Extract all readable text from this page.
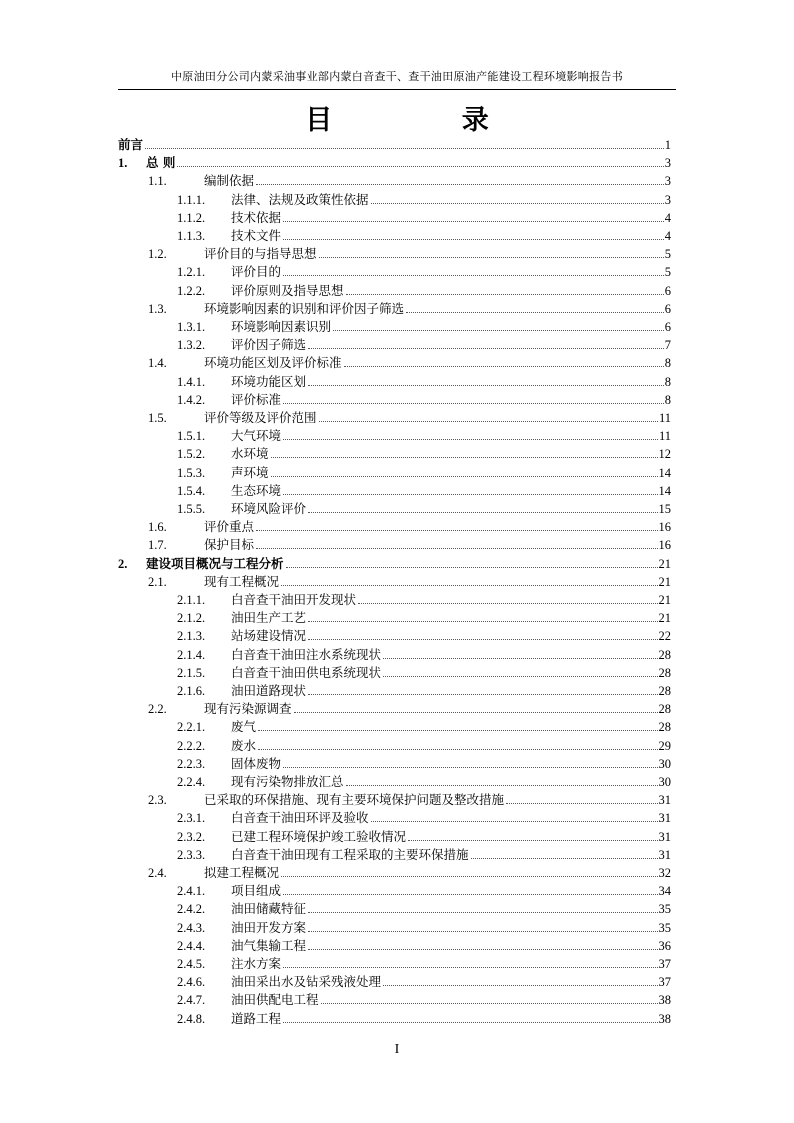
中原油田分公司内蒙采油事业部内蒙白音查干、查干油田原油产能建设工程环境影响报告书
目 录
前言	1
1.	总 则	3
1.1.	编制依据	3
1.1.1.	法律、法规及政策性依据	3
1.1.2.	技术依据	4
1.1.3.	技术文件	4
1.2.	评价目的与指导思想	5
1.2.1.	评价目的	5
1.2.2.	评价原则及指导思想	6
1.3.	环境影响因素的识别和评价因子筛选	6
1.3.1.	环境影响因素识别	6
1.3.2.	评价因子筛选	7
1.4.	环境功能区划及评价标准	8
1.4.1.	环境功能区划	8
1.4.2.	评价标准	8
1.5.	评价等级及评价范围	11
1.5.1.	大气环境	11
1.5.2.	水环境	12
1.5.3.	声环境	14
1.5.4.	生态环境	14
1.5.5.	环境风险评价	15
1.6.	评价重点	16
1.7.	保护目标	16
2.	建设项目概况与工程分析	21
2.1.	现有工程概况	21
2.1.1.	白音查干油田开发现状	21
2.1.2.	油田生产工艺	21
2.1.3.	站场建设情况	22
2.1.4.	白音查干油田注水系统现状	28
2.1.5.	白音查干油田供电系统现状	28
2.1.6.	油田道路现状	28
2.2.	现有污染源调查	28
2.2.1.	废气	28
2.2.2.	废水	29
2.2.3.	固体废物	30
2.2.4.	现有污染物排放汇总	30
2.3.	已采取的环保措施、现有主要环境保护问题及整改措施	31
2.3.1.	白音查干油田环评及验收	31
2.3.2.	已建工程环境保护竣工验收情况	31
2.3.3.	白音查干油田现有工程采取的主要环保措施	31
2.4.	拟建工程概况	32
2.4.1.	项目组成	34
2.4.2.	油田储藏特征	35
2.4.3.	油田开发方案	35
2.4.4.	油气集输工程	36
2.4.5.	注水方案	37
2.4.6.	油田采出水及钻采残液处理	37
2.4.7.	油田供配电工程	38
2.4.8.	道路工程	38
I
